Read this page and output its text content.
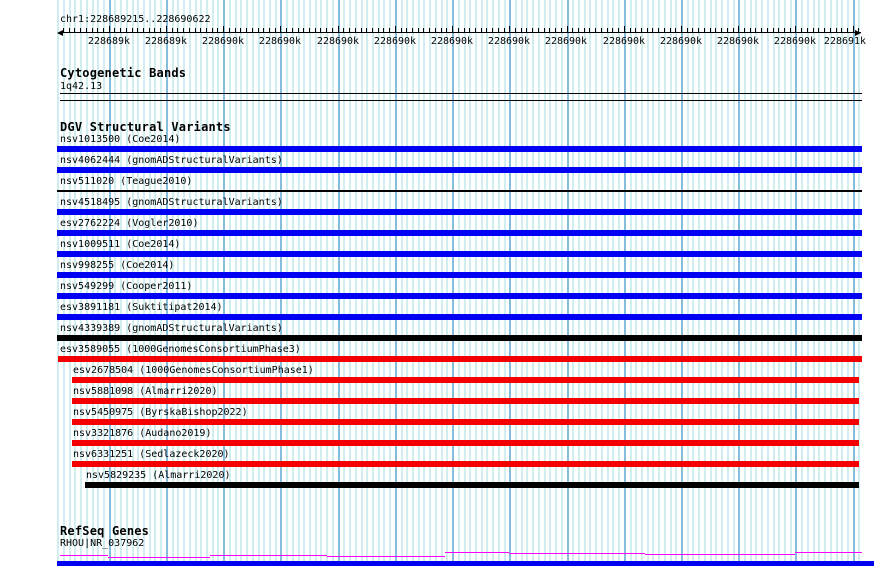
chr1:228689215..228690622
228689k 228689k 228690k 228690k 228690k 228690k 228690k 228690k 228690k 228690k 228690k 228690k 228690k 228691k
Cytogenetic Bands
1q42.13
DGV Structural Variants
nsv1013500 (Coe2014)
nsv4062444 (gnomADStructuralVariants)
nsv511020 (Teague2010)
nsv4518495 (gnomADStructuralVariants)
esv2762224 (Vogler2010)
nsv1009511 (Coe2014)
nsv998255 (Coe2014)
nsv549299 (Cooper2011)
esv3891181 (Suktitipat2014)
nsv4339389 (gnomADStructuralVariants)
esv3589055 (1000GenomesConsortiumPhase3)
esv2678504 (1000GenomesConsortiumPhase1)
nsv5881098 (Almarri2020)
nsv5450975 (ByrskaBishop2022)
nsv3321876 (Audano2019)
nsv6331251 (Sedlazeck2020)
nsv5829235 (Almarri2020)
RefSeq Genes
RHOU|NR_037962
